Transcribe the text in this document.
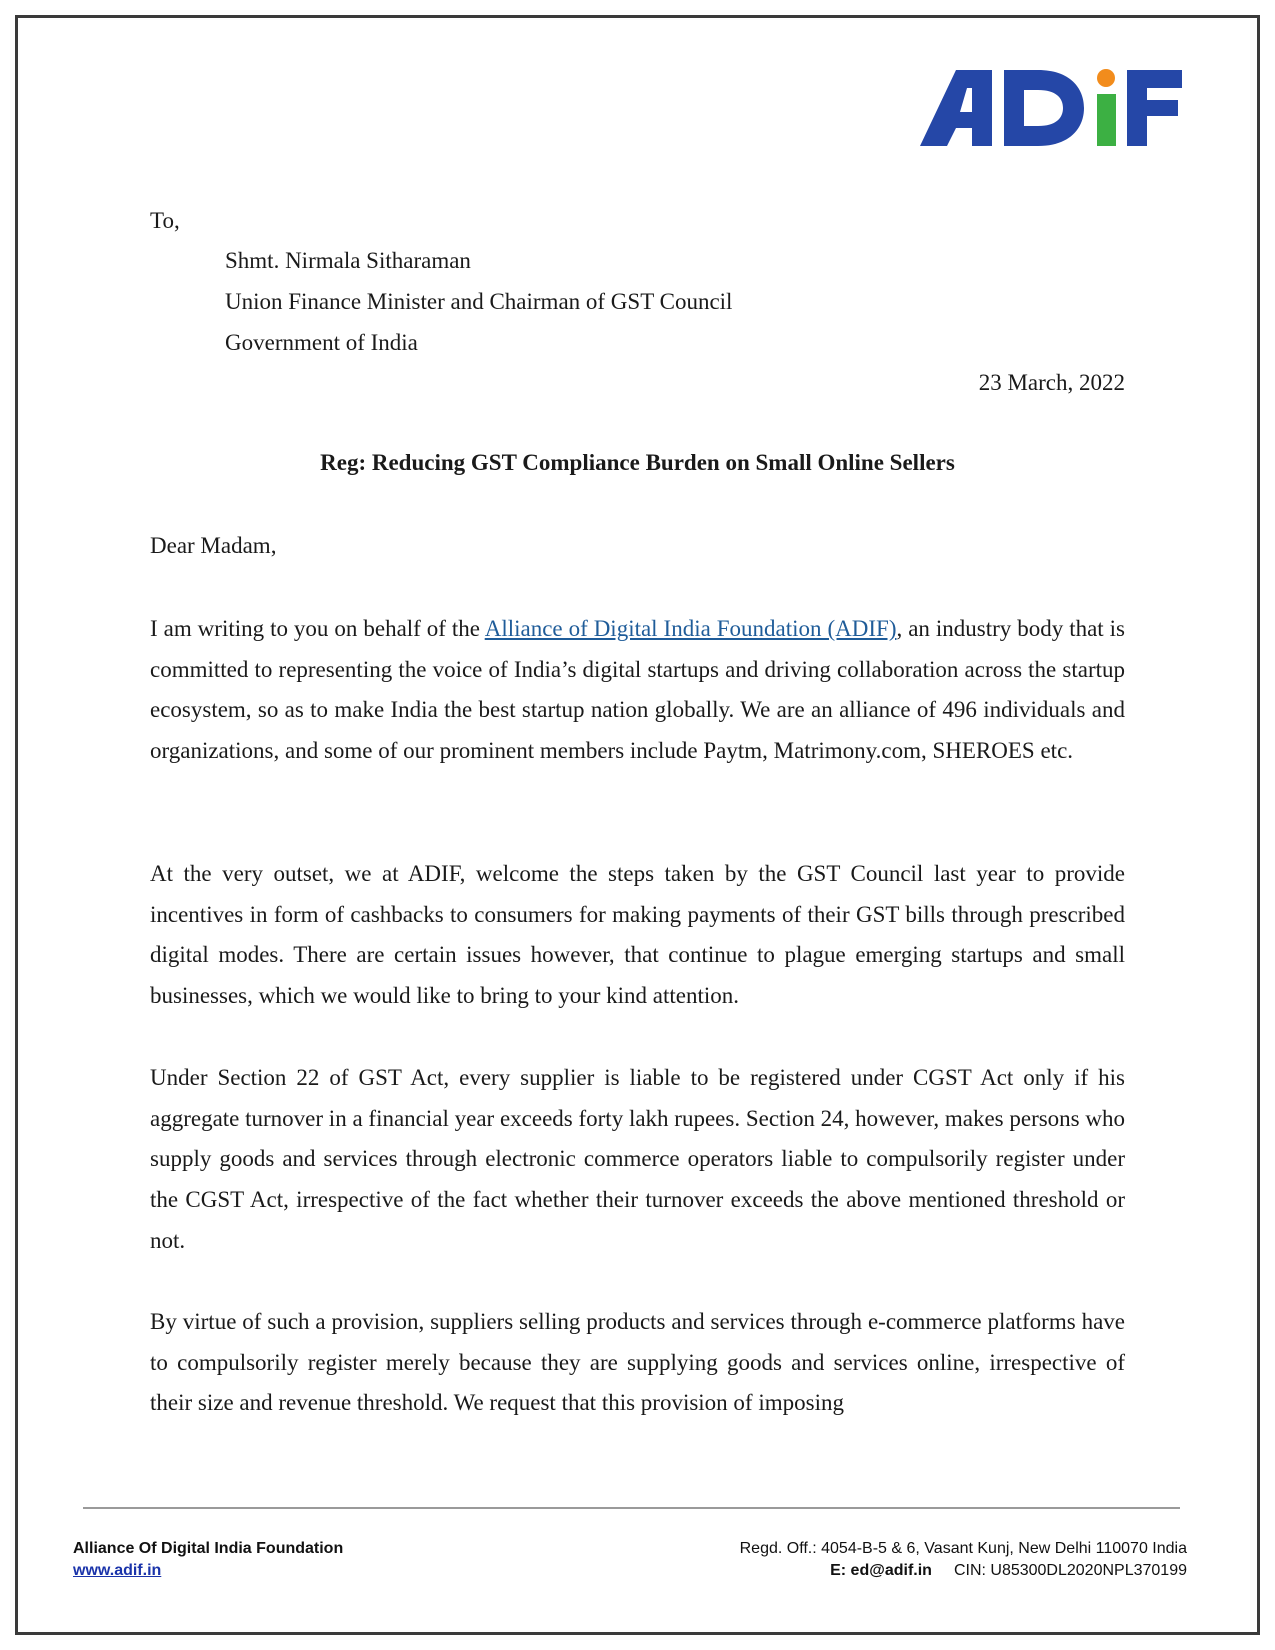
To,
Shmt. Nirmala Sitharaman
Union Finance Minister and Chairman of GST Council
Government of India
23 March, 2022
Reg: Reducing GST Compliance Burden on Small Online Sellers
Dear Madam,

I am writing to you on behalf of the Alliance of Digital India Foundation (ADIF), an industry body that is committed to representing the voice of India’s digital startups and driving collaboration across the startup ecosystem, so as to make India the best startup nation globally. We are an alliance of 496 individuals and organizations, and some of our prominent members include Paytm, Matrimony.com, SHEROES etc.

At the very outset, we at ADIF, welcome the steps taken by the GST Council last year to provide incentives in form of cashbacks to consumers for making payments of their GST bills through prescribed digital modes. There are certain issues however, that continue to plague emerging startups and small businesses, which we would like to bring to your kind attention.

Under Section 22 of GST Act, every supplier is liable to be registered under CGST Act only if his aggregate turnover in a financial year exceeds forty lakh rupees. Section 24, however, makes persons who supply goods and services through electronic commerce operators liable to compulsorily register under the CGST Act, irrespective of the fact whether their turnover exceeds the above mentioned threshold or not.

By virtue of such a provision, suppliers selling products and services through e-commerce platforms have to compulsorily register merely because they are supplying goods and services online, irrespective of their size and revenue threshold. We request that this provision of imposing

Alliance Of Digital India Foundation
www.adif.in
Regd. Off.: 4054-B-5 & 6, Vasant Kunj, New Delhi 110070 India
E: ed@adif.in CIN: U85300DL2020NPL370199
